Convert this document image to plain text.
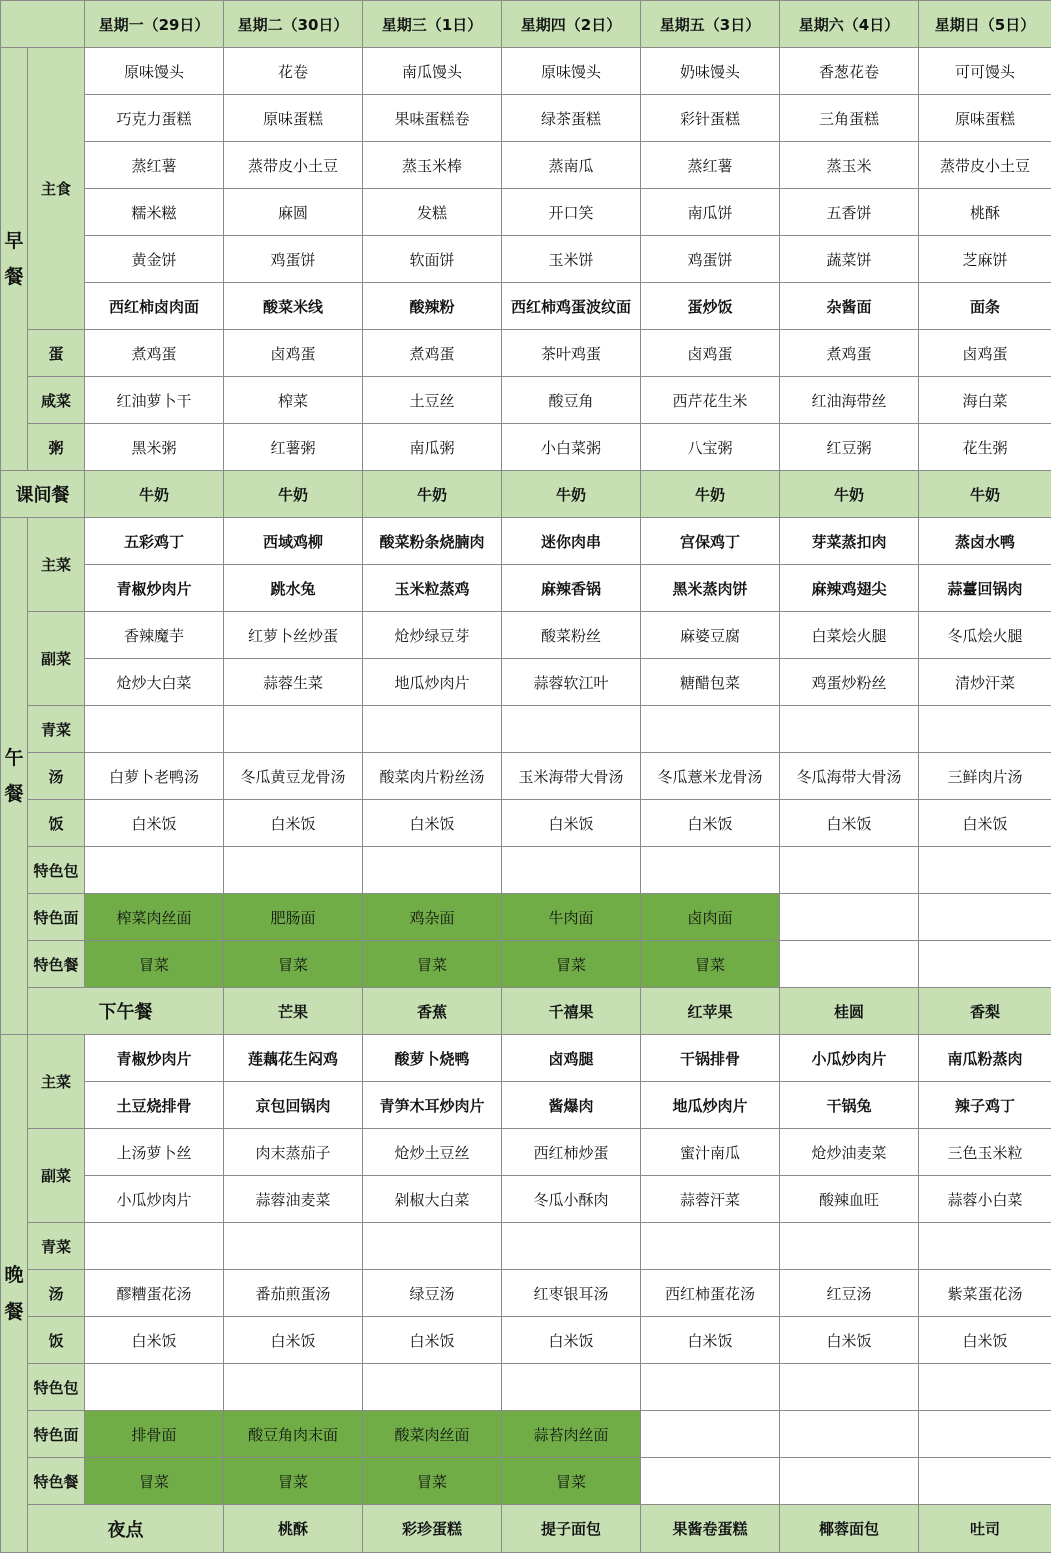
		星期一（29日）	星期二（30日）	星期三（1日）	星期四（2日）	星期五（3日）	星期六（4日）	星期日（5日）	
早餐	主食	原味馒头	花卷	南瓜馒头	原味馒头	奶味馒头	香葱花卷	可可馒头	
		巧克力蛋糕	原味蛋糕	果味蛋糕卷	绿茶蛋糕	彩针蛋糕	三角蛋糕	原味蛋糕	
		蒸红薯	蒸带皮小土豆	蒸玉米棒	蒸南瓜	蒸红薯	蒸玉米	蒸带皮小土豆	
		糯米糍	麻圆	发糕	开口笑	南瓜饼	五香饼	桃酥	
		黄金饼	鸡蛋饼	软面饼	玉米饼	鸡蛋饼	蔬菜饼	芝麻饼	
		西红柿卤肉面	酸菜米线	酸辣粉	西红柿鸡蛋波纹面	蛋炒饭	杂酱面	面条	
	蛋	煮鸡蛋	卤鸡蛋	煮鸡蛋	茶叶鸡蛋	卤鸡蛋	煮鸡蛋	卤鸡蛋	
	咸菜	红油萝卜干	榨菜	土豆丝	酸豆角	西芹花生米	红油海带丝	海白菜	
	粥	黑米粥	红薯粥	南瓜粥	小白菜粥	八宝粥	红豆粥	花生粥	
课间餐		牛奶	牛奶	牛奶	牛奶	牛奶	牛奶	牛奶	
午餐	主菜	五彩鸡丁	西域鸡柳	酸菜粉条烧腩肉	迷你肉串	宫保鸡丁	芽菜蒸扣肉	蒸卤水鸭	
		青椒炒肉片	跳水兔	玉米粒蒸鸡	麻辣香锅	黑米蒸肉饼	麻辣鸡翅尖	蒜薹回锅肉	
	副菜	香辣魔芋	红萝卜丝炒蛋	炝炒绿豆芽	酸菜粉丝	麻婆豆腐	白菜烩火腿	冬瓜烩火腿	
		炝炒大白菜	蒜蓉生菜	地瓜炒肉片	蒜蓉软江叶	糖醋包菜	鸡蛋炒粉丝	清炒汗菜	
	青菜								
	汤	白萝卜老鸭汤	冬瓜黄豆龙骨汤	酸菜肉片粉丝汤	玉米海带大骨汤	冬瓜薏米龙骨汤	冬瓜海带大骨汤	三鲜肉片汤	
	饭	白米饭	白米饭	白米饭	白米饭	白米饭	白米饭	白米饭	
	特色包								
	特色面	榨菜肉丝面	肥肠面	鸡杂面	牛肉面	卤肉面			
	特色餐	冒菜	冒菜	冒菜	冒菜	冒菜			
	下午餐		芒果	香蕉	千禧果	红苹果	桂圆	香梨	
晚餐	主菜	青椒炒肉片	莲藕花生闷鸡	酸萝卜烧鸭	卤鸡腿	干锅排骨	小瓜炒肉片	南瓜粉蒸肉	
		土豆烧排骨	京包回锅肉	青笋木耳炒肉片	酱爆肉	地瓜炒肉片	干锅兔	辣子鸡丁	
	副菜	上汤萝卜丝	肉末蒸茄子	炝炒土豆丝	西红柿炒蛋	蜜汁南瓜	炝炒油麦菜	三色玉米粒	
		小瓜炒肉片	蒜蓉油麦菜	剁椒大白菜	冬瓜小酥肉	蒜蓉汗菜	酸辣血旺	蒜蓉小白菜	
	青菜								
	汤	醪糟蛋花汤	番茄煎蛋汤	绿豆汤	红枣银耳汤	西红柿蛋花汤	红豆汤	紫菜蛋花汤	
	饭	白米饭	白米饭	白米饭	白米饭	白米饭	白米饭	白米饭	
	特色包								
	特色面	排骨面	酸豆角肉末面	酸菜肉丝面	蒜苔肉丝面				
	特色餐	冒菜	冒菜	冒菜	冒菜				
	夜点		桃酥	彩珍蛋糕	提子面包	果酱卷蛋糕	椰蓉面包	吐司	
